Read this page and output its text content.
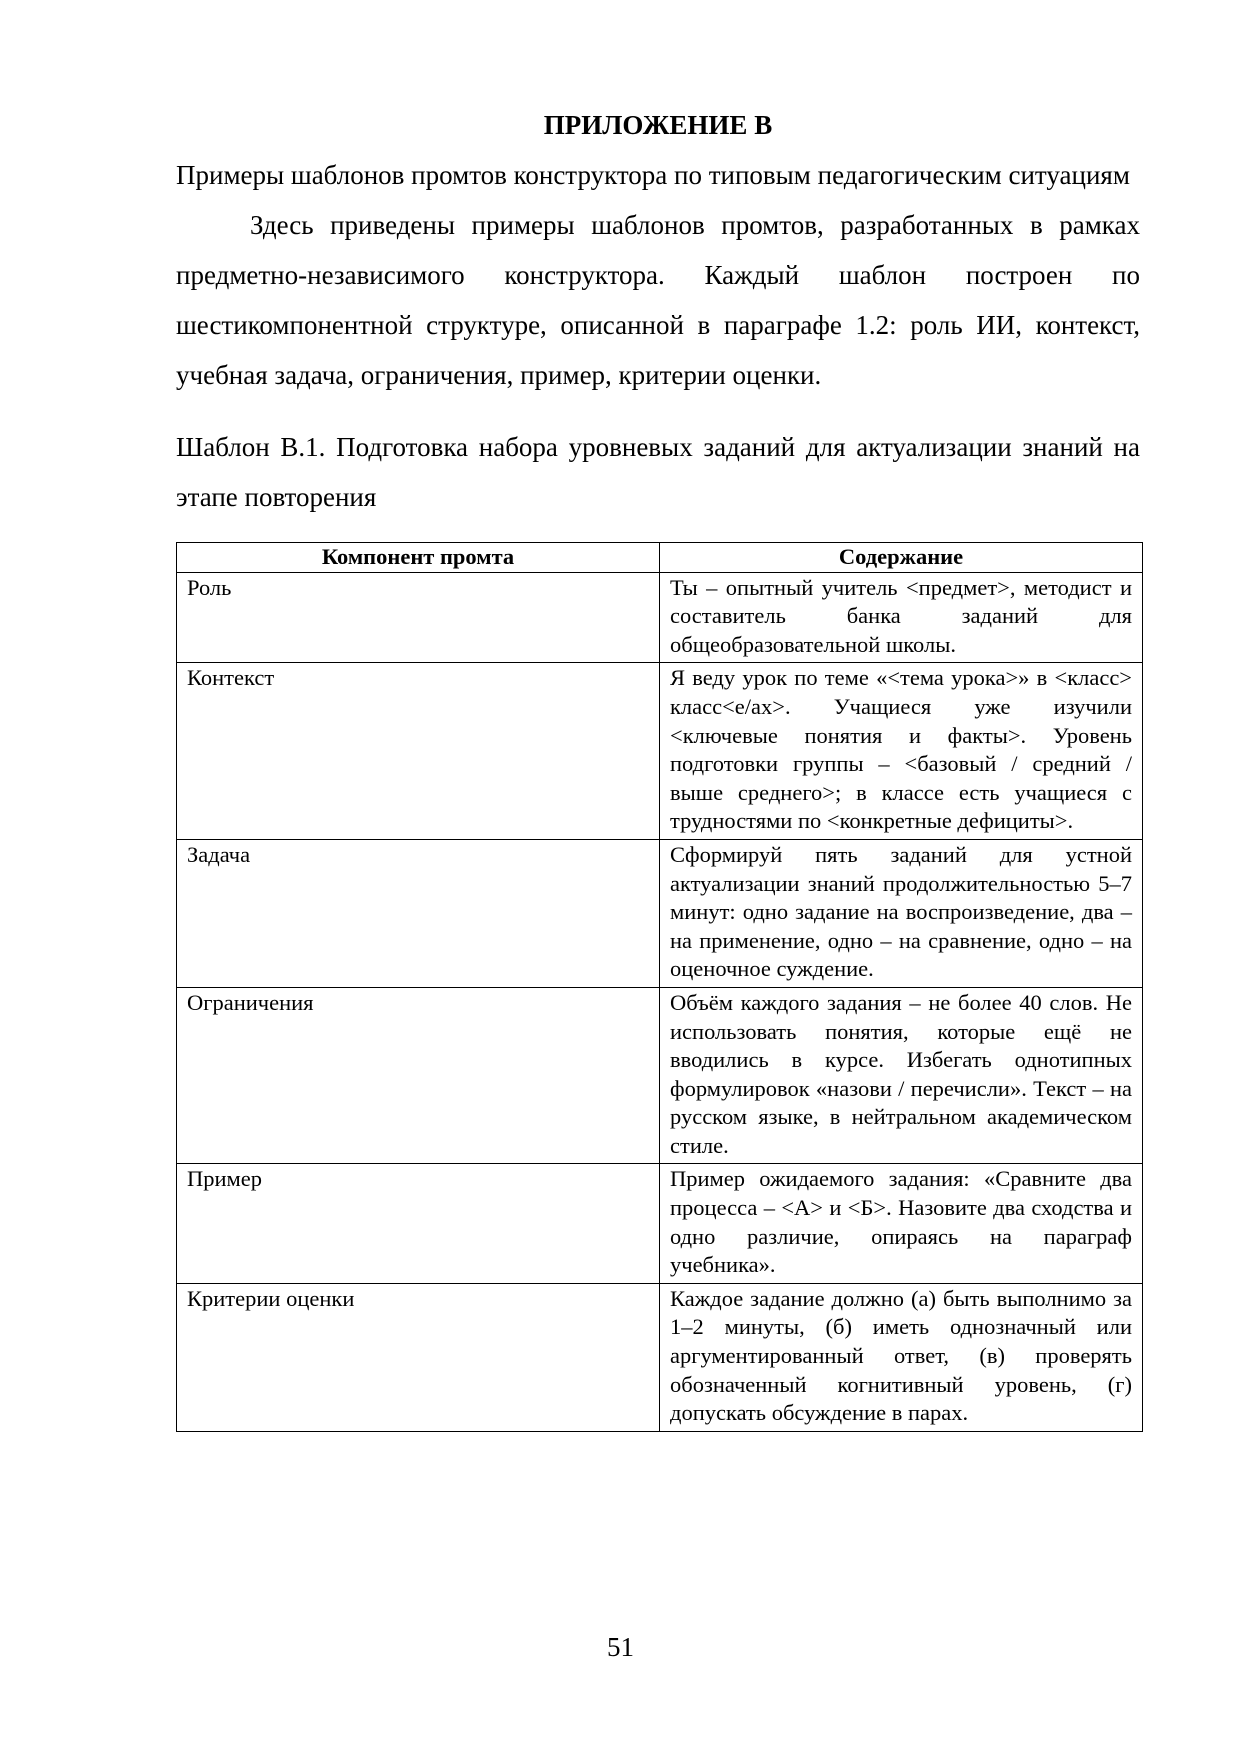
ПРИЛОЖЕНИЕ В

Примеры шаблонов промтов конструктора по типовым педагогическим ситуациям

Здесь приведены примеры шаблонов промтов, разработанных в рамках предметно-независимого конструктора. Каждый шаблон построен по шестикомпонентной структуре, описанной в параграфе 1.2: роль ИИ, контекст, учебная задача, ограничения, пример, критерии оценки.

Шаблон В.1. Подготовка набора уровневых заданий для актуализации знаний на этапе повторения

Компонент промта	Содержание
Роль	Ты – опытный учитель <предмет>, методист и составитель банка заданий для общеобразовательной школы.
Контекст	Я веду урок по теме «<тема урока>» в <класс> класс<е/ах>. Учащиеся уже изучили <ключевые понятия и факты>. Уровень подготовки группы – <базовый / средний / выше среднего>; в классе есть учащиеся с трудностями по <конкретные дефициты>.
Задача	Сформируй пять заданий для устной актуализации знаний продолжительностью 5–7 минут: одно задание на воспроизведение, два – на применение, одно – на сравнение, одно – на оценочное суждение.
Ограничения	Объём каждого задания – не более 40 слов. Не использовать понятия, которые ещё не вводились в курсе. Избегать однотипных формулировок «назови / перечисли». Текст – на русском языке, в нейтральном академическом стиле.
Пример	Пример ожидаемого задания: «Сравните два процесса – <А> и <Б>. Назовите два сходства и одно различие, опираясь на параграф учебника».
Критерии оценки	Каждое задание должно (а) быть выполнимо за 1–2 минуты, (б) иметь однозначный или аргументированный ответ, (в) проверять обозначенный когнитивный уровень, (г) допускать обсуждение в парах.
51
